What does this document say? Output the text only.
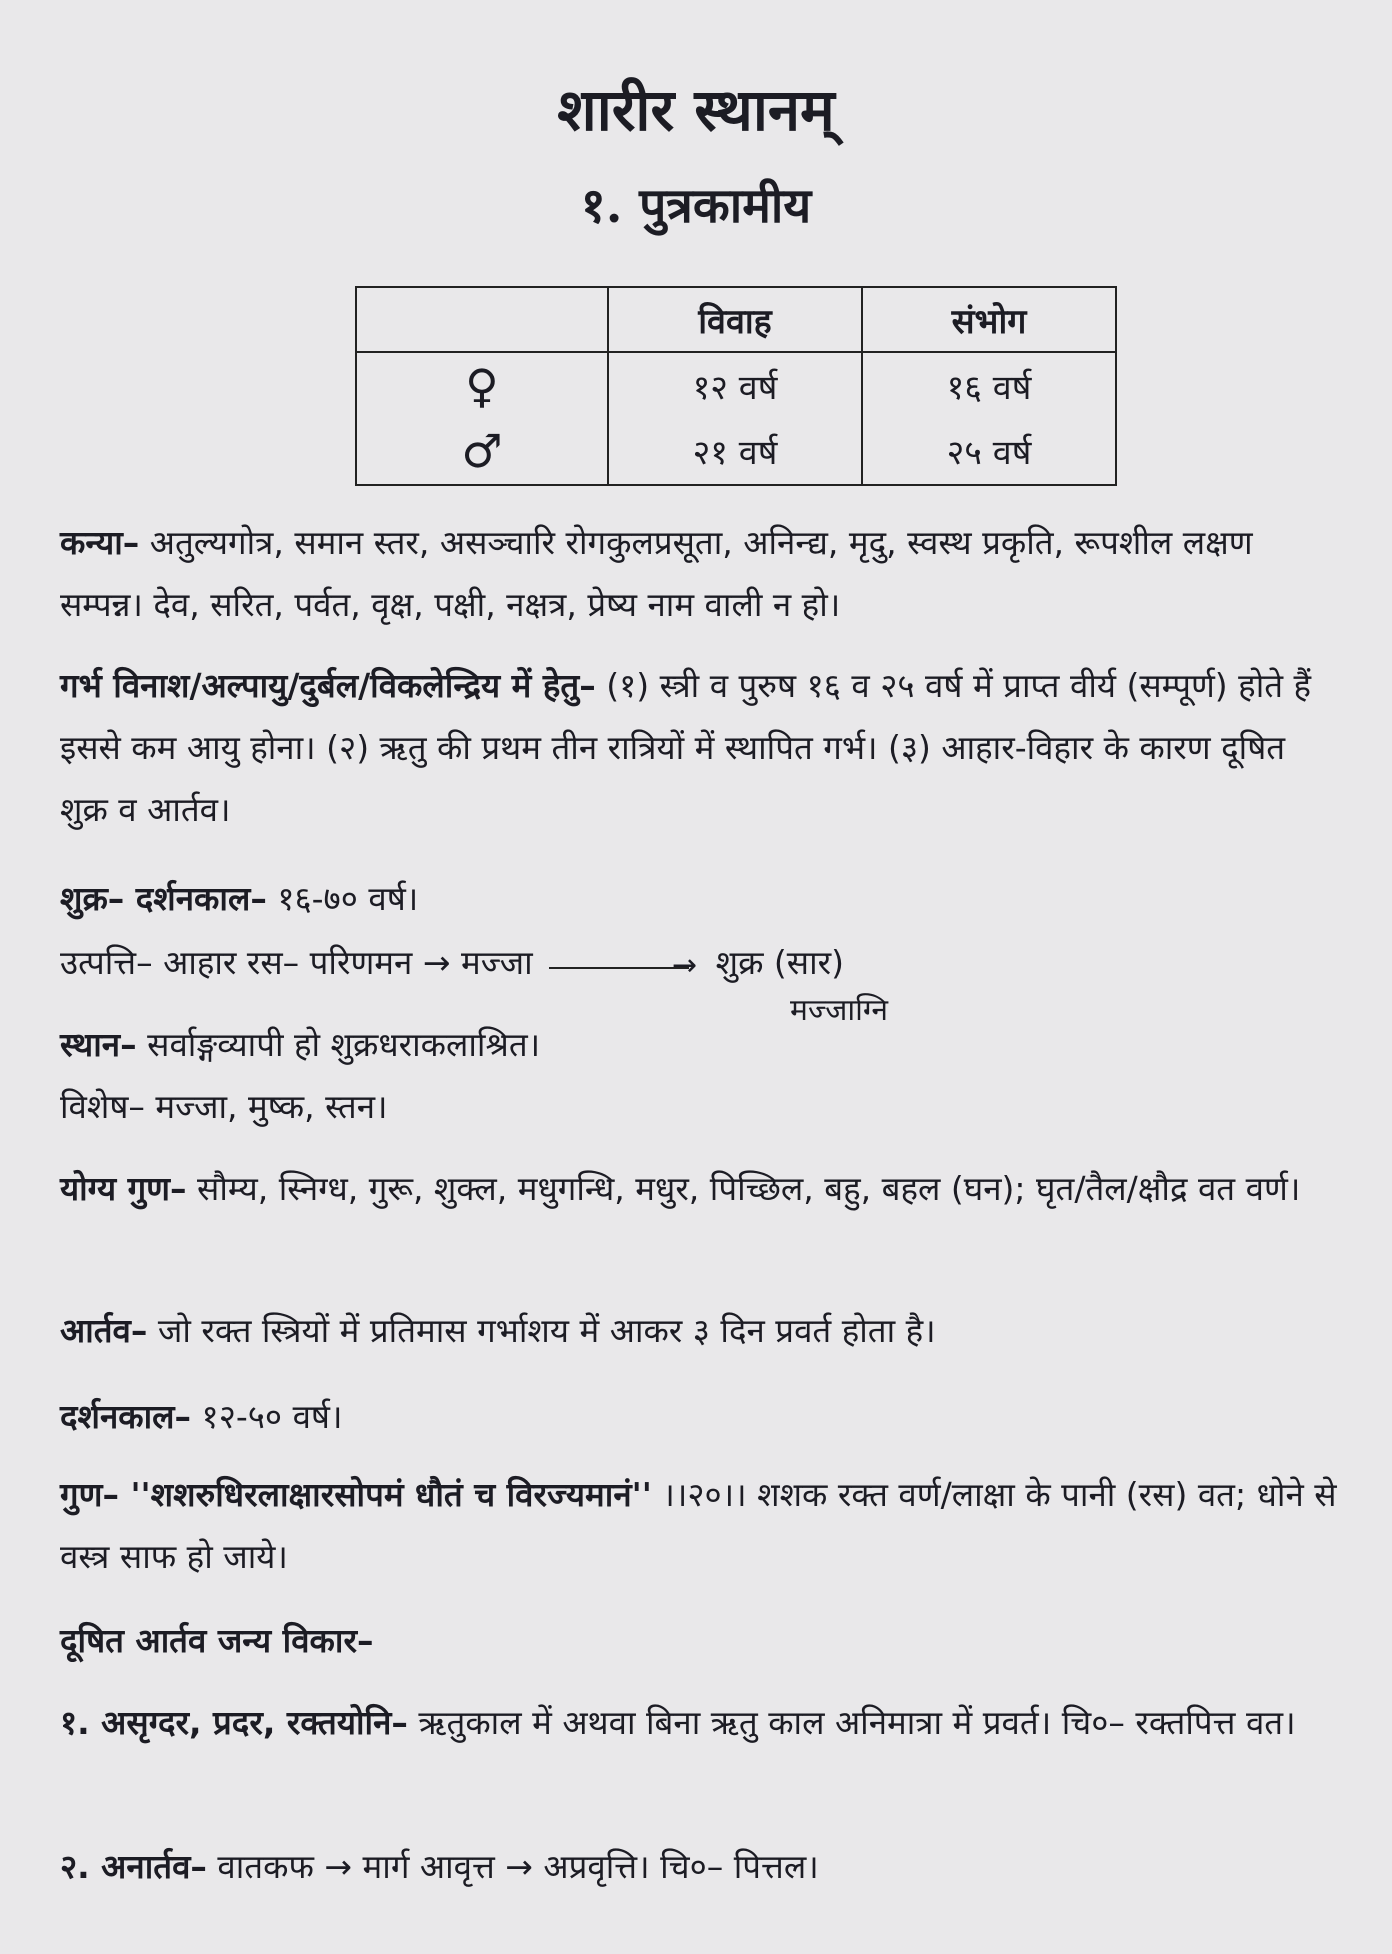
शारीर स्थानम्
१. पुत्रकामीय
	विवाह	संभोग
♀	१२ वर्ष	१६ वर्ष
♂	२१ वर्ष	२५ वर्ष
कन्या– अतुल्यगोत्र, समान स्तर, असञ्चारि रोगकुलप्रसूता, अनिन्द्य, मृदु, स्वस्थ प्रकृति, रूपशील लक्षण सम्पन्न। देव, सरित, पर्वत, वृक्ष, पक्षी, नक्षत्र, प्रेष्य नाम वाली न हो।
गर्भ विनाश/अल्पायु/दुर्बल/विकलेन्द्रिय में हेतु– (१) स्त्री व पुरुष १६ व २५ वर्ष में प्राप्त वीर्य (सम्पूर्ण) होते हैं इससे कम आयु होना। (२) ऋतु की प्रथम तीन रात्रियों में स्थापित गर्भ। (३) आहार-विहार के कारण दूषित शुक्र व आर्तव।
शुक्र– दर्शनकाल– १६-७० वर्ष।
उत्पत्ति– आहार रस– परिणमन → मज्जा	→ शुक्र (सार)
मज्जाग्नि
स्थान– सर्वाङ्गव्यापी हो शुक्रधराकलाश्रित।
विशेष– मज्जा, मुष्क, स्तन।
योग्य गुण– सौम्य, स्निग्ध, गुरू, शुक्ल, मधुगन्धि, मधुर, पिच्छिल, बहु, बहल (घन); घृत/तैल/क्षौद्र वत वर्ण।
आर्तव– जो रक्त स्त्रियों में प्रतिमास गर्भाशय में आकर ३ दिन प्रवर्त होता है।
दर्शनकाल– १२-५० वर्ष।
गुण– ''शशरुधिरलाक्षारसोपमं धौतं च विरज्यमानं'' ।।२०।। शशक रक्त वर्ण/लाक्षा के पानी (रस) वत; धोने से वस्त्र साफ हो जाये।
दूषित आर्तव जन्य विकार–
१. असृग्दर, प्रदर, रक्तयोनि– ऋतुकाल में अथवा बिना ऋतु काल अनिमात्रा में प्रवर्त। चि०– रक्तपित्त वत।
२. अनार्तव– वातकफ → मार्ग आवृत्त → अप्रवृत्ति। चि०– पित्तल।
